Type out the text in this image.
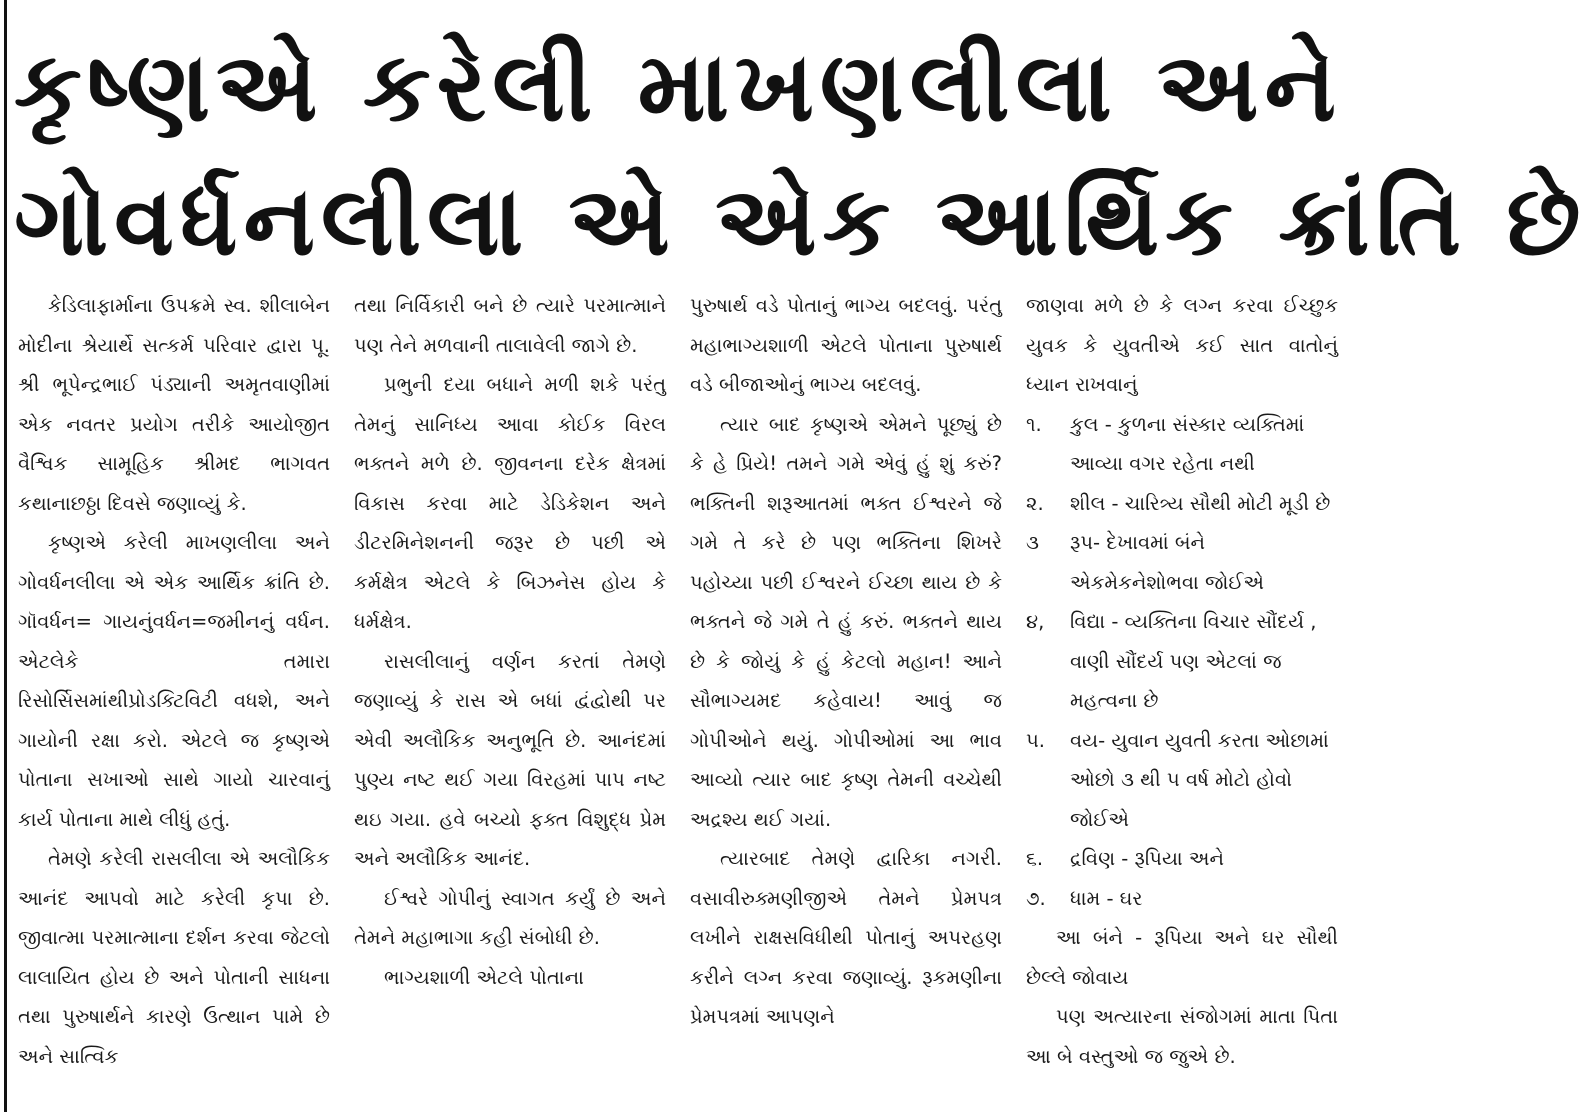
કૃષ્ણએ કરેલી માખણલીલા અને
ગોવર્ધનલીલા એ એક આર્થિક ક્રાંતિ છે

કેડિલાફાર્માના ઉપક્રમે સ્વ. શીલાબેન મોદીના શ્રેયાર્થે સત્કર્મ પરિવાર દ્વારા પૂ. શ્રી ભૂપેન્દ્રભાઈ પંડ્યાની અમૃતવાણીમાં એક નવતર પ્રયોગ તરીકે આયોજીત વૈશ્વિક સામૂહિક શ્રીમદ ભાગવત કથાનાછઠ્ઠા દિવસે જણાવ્યું કે.

કૃષ્ણએ કરેલી માખણલીલા અને ગોવર્ધનલીલા એ એક આર્થિક ક્રાંતિ છે. ગૉવર્ધન= ગાયનુંવર્ધન=જમીનનું વર્ધન. એટલેકે તમારા રિસોર્સિસમાંથીપ્રોડક્ટિવિટી વધશે, અને ગાયોની રક્ષા કરો. એટલે જ કૃષ્ણએ પોતાના સખાઓ સાથે ગાયો ચારવાનું કાર્ય પોતાના માથે લીધું હતું.

તેમણે કરેલી રાસલીલા એ અલૌકિક આનંદ આપવો માટે કરેલી કૃપા છે. જીવાત્મા પરમાત્માના દર્શન કરવા જેટલો લાલાયિત હોય છે અને પોતાની સાધના તથા પુરુષાર્થને કારણે ઉત્થાન પામે છે અને સાત્વિક

તથા નિર્વિકારી બને છે ત્યારે પરમાત્માને પણ તેને મળવાની તાલાવેલી જાગે છે.

પ્રભુની દયા બધાને મળી શકે પરંતુ તેમનું સાનિધ્ય આવા કોઈક વિરલ ભક્તને મળે છે. જીવનના દરેક ક્ષેત્રમાં વિકાસ કરવા માટે ડેડિકેશન અને ડીટરમિનેશનની જરૂર છે પછી એ કર્મક્ષેત્ર એટલે કે બિઝનેસ હોય કે ધર્મક્ષેત્ર.

રાસલીલાનું વર્ણન કરતાં તેમણે જણાવ્યું કે રાસ એ બધાં દ્વંદ્વોથી પર એવી અલૌકિક અનુભૂતિ છે. આનંદમાં પુણ્ય નષ્ટ થઈ ગયા વિરહમાં પાપ નષ્ટ થઇ ગયા. હવે બચ્યો ફક્ત વિશુદ્ધ પ્રેમ અને અલૌકિક આનંદ.

ઈશ્વરે ગોપીનું સ્વાગત કર્યું છે અને તેમને મહાભાગા કહી સંબોધી છે.

ભાગ્યશાળી એટલે પોતાના

પુરુષાર્થ વડે પોતાનું ભાગ્ય બદલવું. પરંતુ મહાભાગ્યશાળી એટલે પોતાના પુરુષાર્થ વડે બીજાઓનું ભાગ્ય બદલવું.

ત્યાર બાદ કૃષ્ણએ એમને પૂછ્યું છે કે હે પ્રિયે! તમને ગમે એવું હું શું કરું? ભક્તિની શરૂઆતમાં ભક્ત ઈશ્વરને જે ગમે તે કરે છે પણ ભક્તિના શિખરે પહોચ્યા પછી ઈશ્વરને ઈચ્છા થાય છે કે ભક્તને જે ગમે તે હું કરું. ભક્તને થાય છે કે જોયું કે હું કેટલો મહાન! આને સૌભાગ્યમદ કહેવાય! આવું જ ગોપીઓને થયું. ગોપીઓમાં આ ભાવ આવ્યો ત્યાર બાદ કૃષ્ણ તેમની વચ્ચેથી અદ્રશ્ય થઈ ગયાં.

ત્યારબાદ તેમણે દ્વારિકા નગરી. વસાવીરુક્મણીજીએ તેમને પ્રેમપત્ર લખીને રાક્ષસવિધીથી પોતાનું અપરહણ કરીને લગ્ન કરવા જણાવ્યું. રૂકમણીના પ્રેમપત્રમાં આપણને

જાણવા મળે છે કે લગ્ન કરવા ઈચ્છુક યુવક કે યુવતીએ કઈ સાત વાતોનું ધ્યાન રાખવાનું

૧.	કુલ - કુળના સંસ્કાર વ્યક્તિમાં આવ્યા વગર રહેતા નથી
૨.	શીલ - ચારિત્ર્ય સૌથી મોટી મૂડી છે
૩	રૂપ- દેખાવમાં બંને એકમેકનેશોભવા જોઈએ
૪,	વિદ્યા - વ્યક્તિના વિચાર સૌંદર્ય , વાણી સૌંદર્ય પણ એટલાં જ મહત્વના છે
૫.	વય- યુવાન યુવતી કરતા ઓછામાં ઓછો ૩ થી ૫ વર્ષ મોટો હોવો જોઈએ
૬.	દ્રવિણ - રૂપિયા અને
૭.	ધામ - ઘર

આ બંને - રૂપિયા અને ઘર સૌથી છેલ્લે જોવાય

પણ અત્યારના સંજોગમાં માતા પિતા આ બે વસ્તુઓ જ જુએ છે.
